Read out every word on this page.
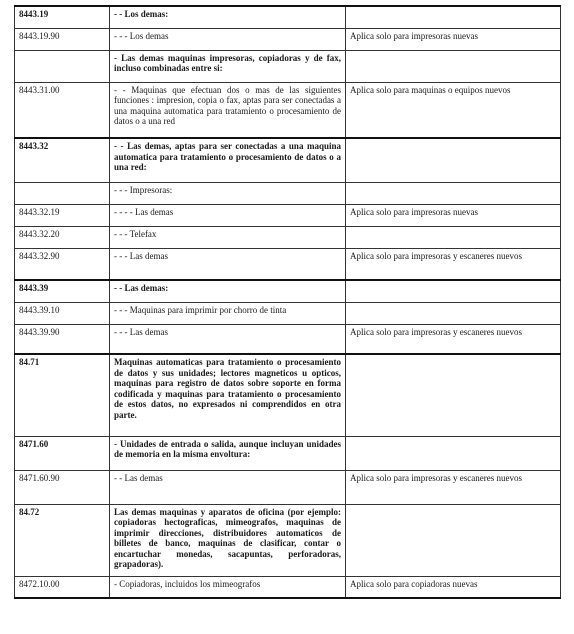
8443.19	- - Los demas:	
8443.19.90	- - - Los demas	Aplica solo para impresoras nuevas
	- Las demas maquinas impresoras, copiadoras y de fax, incluso combinadas entre si:	
8443.31.00	- - Maquinas que efectuan dos o mas de las siguientes funciones : impresion, copia o fax, aptas para ser conectadas a una maquina automatica para tratamiento o procesamiento de datos o a una red	Aplica solo para maquinas o equipos nuevos
8443.32	- - Las demas, aptas para ser conectadas a una maquina automatica para tratamiento o procesamiento de datos o a una red:	
	- - - Impresoras:	
8443.32.19	- - - - Las demas	Aplica solo para impresoras nuevas
8443.32.20	- - - Telefax	
8443.32.90	- - - Las demas	Aplica solo para impresoras y escaneres nuevos
8443.39	- - Las demas:	
8443.39.10	- - - Maquinas para imprimir por chorro de tinta	
8443.39.90	- - - Las demas	Aplica solo para impresoras y escaneres nuevos
84.71	Maquinas automaticas para tratamiento o procesamiento de datos y sus unidades; lectores magneticos u opticos, maquinas para registro de datos sobre soporte en forma codificada y maquinas para tratamiento o procesamiento de estos datos, no expresados ni comprendidos en otra parte.	
8471.60	- Unidades de entrada o salida, aunque incluyan unidades de memoria en la misma envoltura:	
8471.60.90	- - Las demas	Aplica solo para impresoras y escaneres nuevos
84.72	Las demas maquinas y aparatos de oficina (por ejemplo: copiadoras hectograficas, mimeografos, maquinas de imprimir direcciones, distribuidores automaticos de billetes de banco, maquinas de clasificar, contar o encartuchar monedas, sacapuntas, perforadoras, grapadoras).	
8472.10.00	- Copiadoras, incluidos los mimeografos	Aplica solo para copiadoras nuevas
